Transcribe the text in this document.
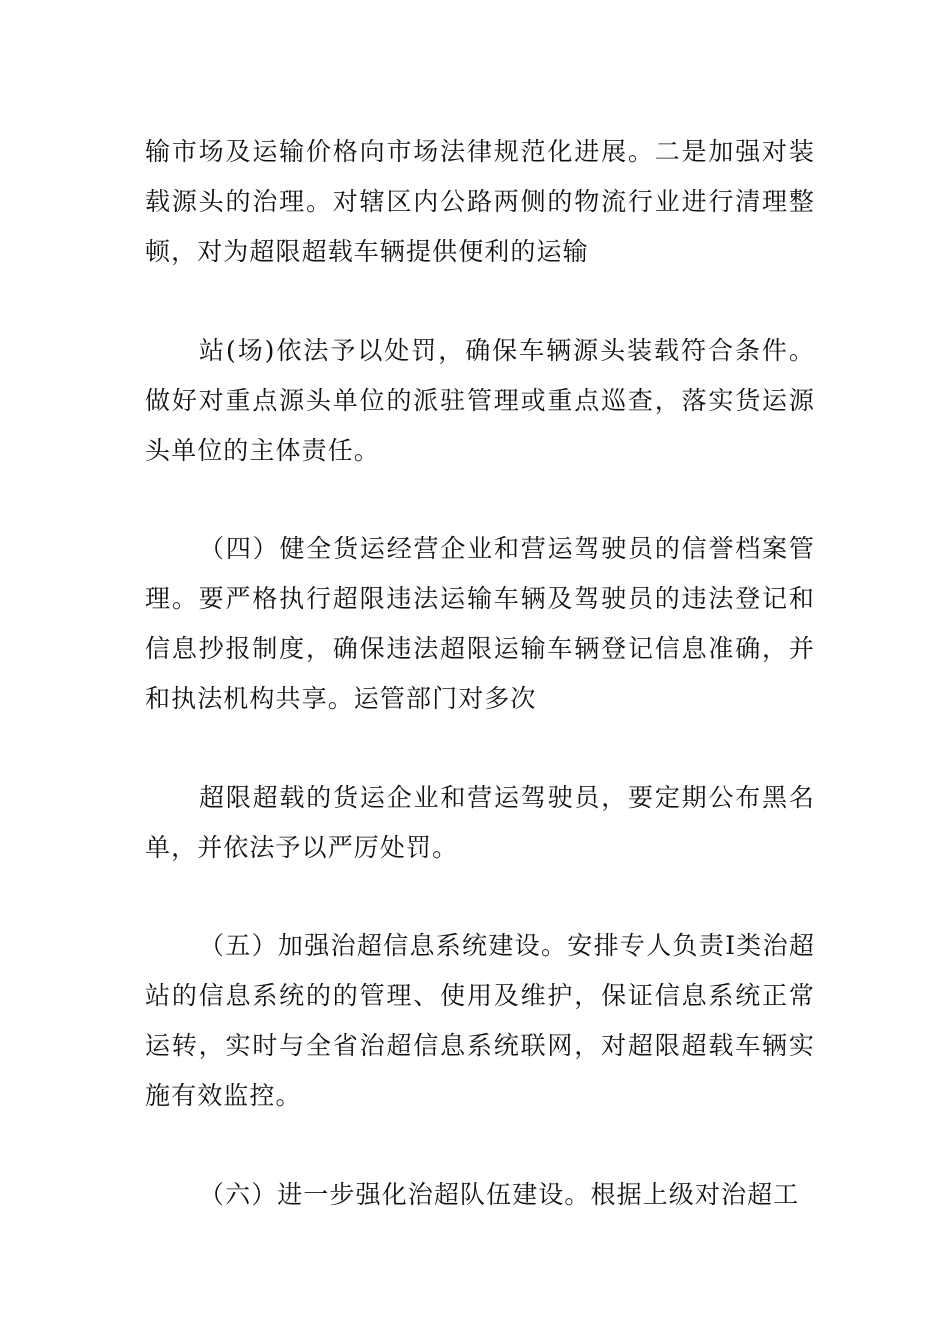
输市场及运输价格向市场法律规范化进展。二是加强对装载源头的治理。对辖区内公路两侧的物流行业进行清理整顿，对为超限超载车辆提供便利的运输

站(场)依法予以处罚，确保车辆源头装载符合条件。做好对重点源头单位的派驻管理或重点巡查，落实货运源头单位的主体责任。

（四）健全货运经营企业和营运驾驶员的信誉档案管理。要严格执行超限违法运输车辆及驾驶员的违法登记和信息抄报制度，确保违法超限运输车辆登记信息准确，并和执法机构共享。运管部门对多次

超限超载的货运企业和营运驾驶员，要定期公布黑名单，并依法予以严厉处罚。

（五）加强治超信息系统建设。安排专人负责Ⅰ类治超站的信息系统的的管理、使用及维护，保证信息系统正常运转，实时与全省治超信息系统联网，对超限超载车辆实施有效监控。

（六）进一步强化治超队伍建设。根据上级对治超工
